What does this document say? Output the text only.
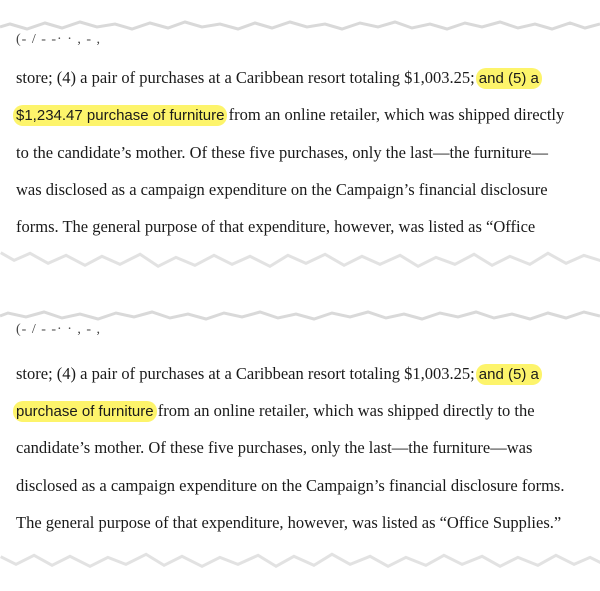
(- / - -· · , - ,
store; (4) a pair of purchases at a Caribbean resort totaling $1,003.25; and (5) a
$1,234.47 purchase of furniture from an online retailer, which was shipped directly
to the candidate’s mother. Of these five purchases, only the last—the furniture—
was disclosed as a campaign expenditure on the Campaign’s financial disclosure
forms. The general purpose of that expenditure, however, was listed as “Office
(- / - -· · , - ,
store; (4) a pair of purchases at a Caribbean resort totaling $1,003.25; and (5) a
purchase of furniture from an online retailer, which was shipped directly to the
candidate’s mother. Of these five purchases, only the last—the furniture—was
disclosed as a campaign expenditure on the Campaign’s financial disclosure forms.
The general purpose of that expenditure, however, was listed as “Office Supplies.”
